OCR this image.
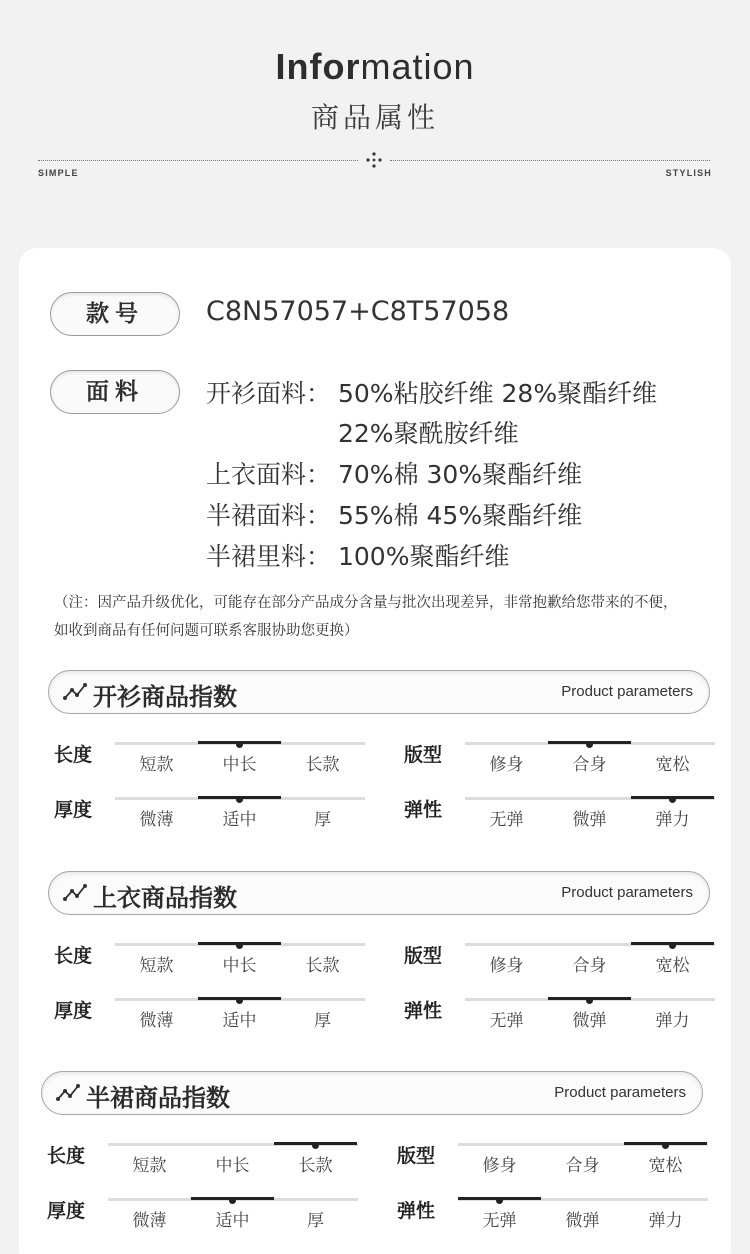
Information
商品属性
SIMPLE	STYLISH
款号	C8N57057+C8T57058
面料	开衫面料： 50%粘胶纤维 28%聚酯纤维
22%聚酰胺纤维
上衣面料： 70%棉 30%聚酯纤维
半裙面料： 55%棉 45%聚酯纤维
半裙里料： 100%聚酯纤维
（注：因产品升级优化，可能存在部分产品成分含量与批次出现差异，非常抱歉给您带来的不便，
如收到商品有任何问题可联系客服协助您更换）
开衫商品指数	Product parameters
长度	短款	中长	长款	版型	修身	合身	宽松
厚度	微薄	适中	厚	弹性	无弹	微弹	弹力
上衣商品指数	Product parameters
长度	短款	中长	长款	版型	修身	合身	宽松
厚度	微薄	适中	厚	弹性	无弹	微弹	弹力
半裙商品指数	Product parameters
长度	短款	中长	长款	版型	修身	合身	宽松
厚度	微薄	适中	厚	弹性	无弹	微弹	弹力
